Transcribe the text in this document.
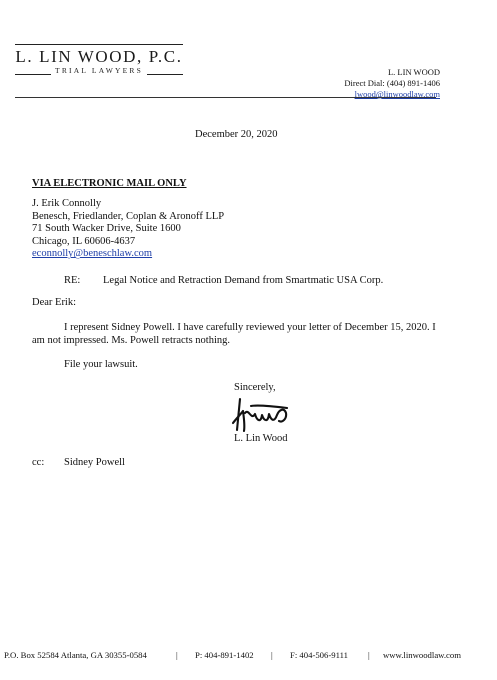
L. LIN WOOD, P.C.
TRIAL LAWYERS	L. LIN WOOD
Direct Dial: (404) 891-1406
lwood@linwoodlaw.com
December 20, 2020
VIA ELECTRONIC MAIL ONLY
J. Erik Connolly
Benesch, Friedlander, Coplan & Aronoff LLP
71 South Wacker Drive, Suite 1600
Chicago, IL 60606-4637
econnolly@beneschlaw.com
RE: Legal Notice and Retraction Demand from Smartmatic USA Corp.
Dear Erik:
I represent Sidney Powell. I have carefully reviewed your letter of December 15, 2020. I
am not impressed. Ms. Powell retracts nothing.
File your lawsuit.
Sincerely,
L. Lin Wood
cc: Sidney Powell
P.O. Box 52584 Atlanta, GA 30355-0584	| P: 404-891-1402 | F: 404-506-9111 | www.linwoodlaw.com
